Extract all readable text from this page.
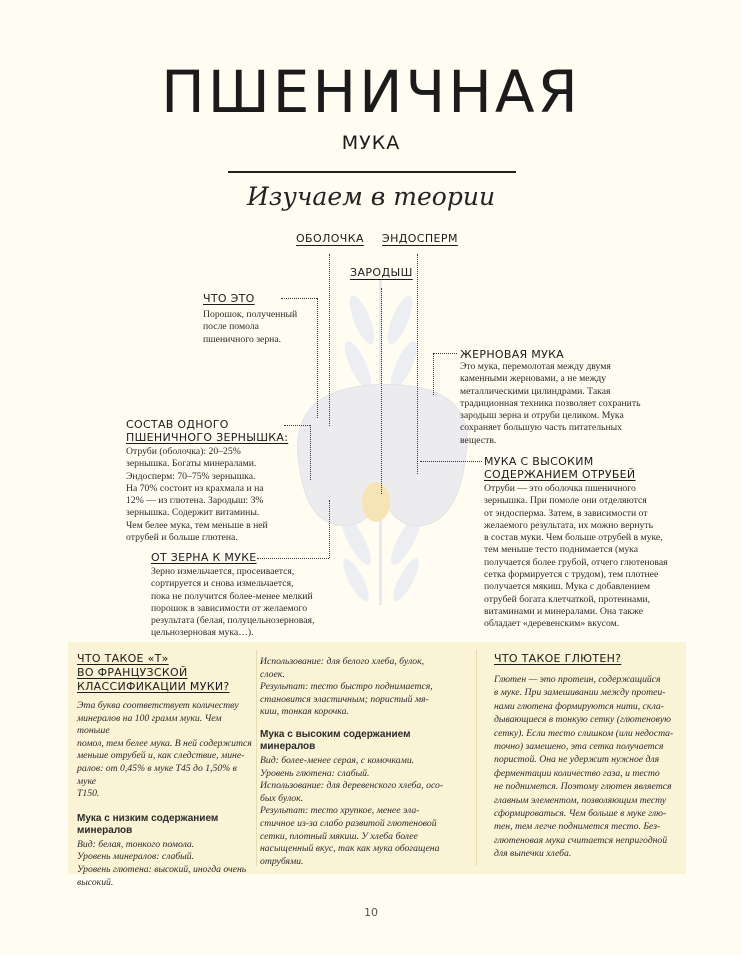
ПШЕНИЧНАЯ
МУКА
Изучаем в теории
ОБОЛОЧКА ЭНДОСПЕРМ
ЗАРОДЫШ
ЧТО ЭТО
Порошок, полученный
после помола
пшеничного зерна.
СОСТАВ ОДНОГО
ПШЕНИЧНОГО ЗЕРНЫШКА:
Отруби (оболочка): 20–25%
зернышка. Богаты минералами.
Эндосперм: 70–75% зернышка.
На 70% состоит из крахмала и на
12% — из глютена. Зародыш: 3%
зернышка. Содержит витамины.
Чем белее мука, тем меньше в ней
отрубей и больше глютена.
ОТ ЗЕРНА К МУКЕ
Зерно измельчается, просеивается,
сортируется и снова измельчается,
пока не получится более-менее мелкий
порошок в зависимости от желаемого
результата (белая, полуцельнозерновая,
цельнозерновая мука…).
ЖЕРНОВАЯ МУКА
Это мука, перемолотая между двумя
каменными жерновами, а не между
металлическими цилиндрами. Такая
традиционная техника позволяет сохранить
зародыш зерна и отруби целиком. Мука
сохраняет большую часть питательных
веществ.
МУКА С ВЫСОКИМ
СОДЕРЖАНИЕМ ОТРУБЕЙ
Отруби — это оболочка пшеничного
зернышка. При помоле они отделяются
от эндосперма. Затем, в зависимости от
желаемого результата, их можно вернуть
в состав муки. Чем больше отрубей в муке,
тем меньше тесто поднимается (мука
получается более грубой, отчего глютеновая
сетка формируется с трудом), тем плотнее
получается мякиш. Мука с добавлением
отрубей богата клетчаткой, протеинами,
витаминами и минералами. Она также
обладает «деревенским» вкусом.
ЧТО ТАКОЕ «Т»
ВО ФРАНЦУЗСКОЙ
КЛАССИФИКАЦИИ МУКИ?
Эта буква соответствует количеству
минералов на 100 грамм муки. Чем тоньше
помол, тем белее мука. В ней содержится
меньше отрубей и, как следствие, мине-
ралов: от 0,45% в муке Т45 до 1,50% в муке
Т150.
Мука с низким содержанием
минералов
Вид: белая, тонкого помола.
Уровень минералов: слабый.
Уровень глютена: высокий, иногда очень
высокий.
Использование: для белого хлеба, булок,
слоек.
Результат: тесто быстро поднимается,
становится эластичным; пористый мя-
киш, тонкая корочка.
Мука с высоким содержанием
минералов
Вид: более-менее серая, с комочками.
Уровень глютена: слабый.
Использование: для деревенского хлеба, осо-
бых булок.
Результат: тесто хрупкое, менее эла-
стичное из-за слабо развитой глютеновой
сетки, плотный мякиш. У хлеба более
насыщенный вкус, так как мука обогащена
отрубями.
ЧТО ТАКОЕ ГЛЮТЕН?
Глютен — это протеин, содержащийся
в муке. При замешивании между протеи-
нами глютена формируются нити, скла-
дывающиеся в тонкую сетку (глютеновую
сетку). Если тесто слишком (или недоста-
точно) замешено, эта сетка получается
пористой. Она не удержит нужное для
ферментации количество газа, и тесто
не поднимется. Поэтому глютен является
главным элементом, позволяющим тесту
сформироваться. Чем больше в муке глю-
тен, тем легче поднимется тесто. Без-
глютеновая мука считается непригодной
для выпечки хлеба.
10
